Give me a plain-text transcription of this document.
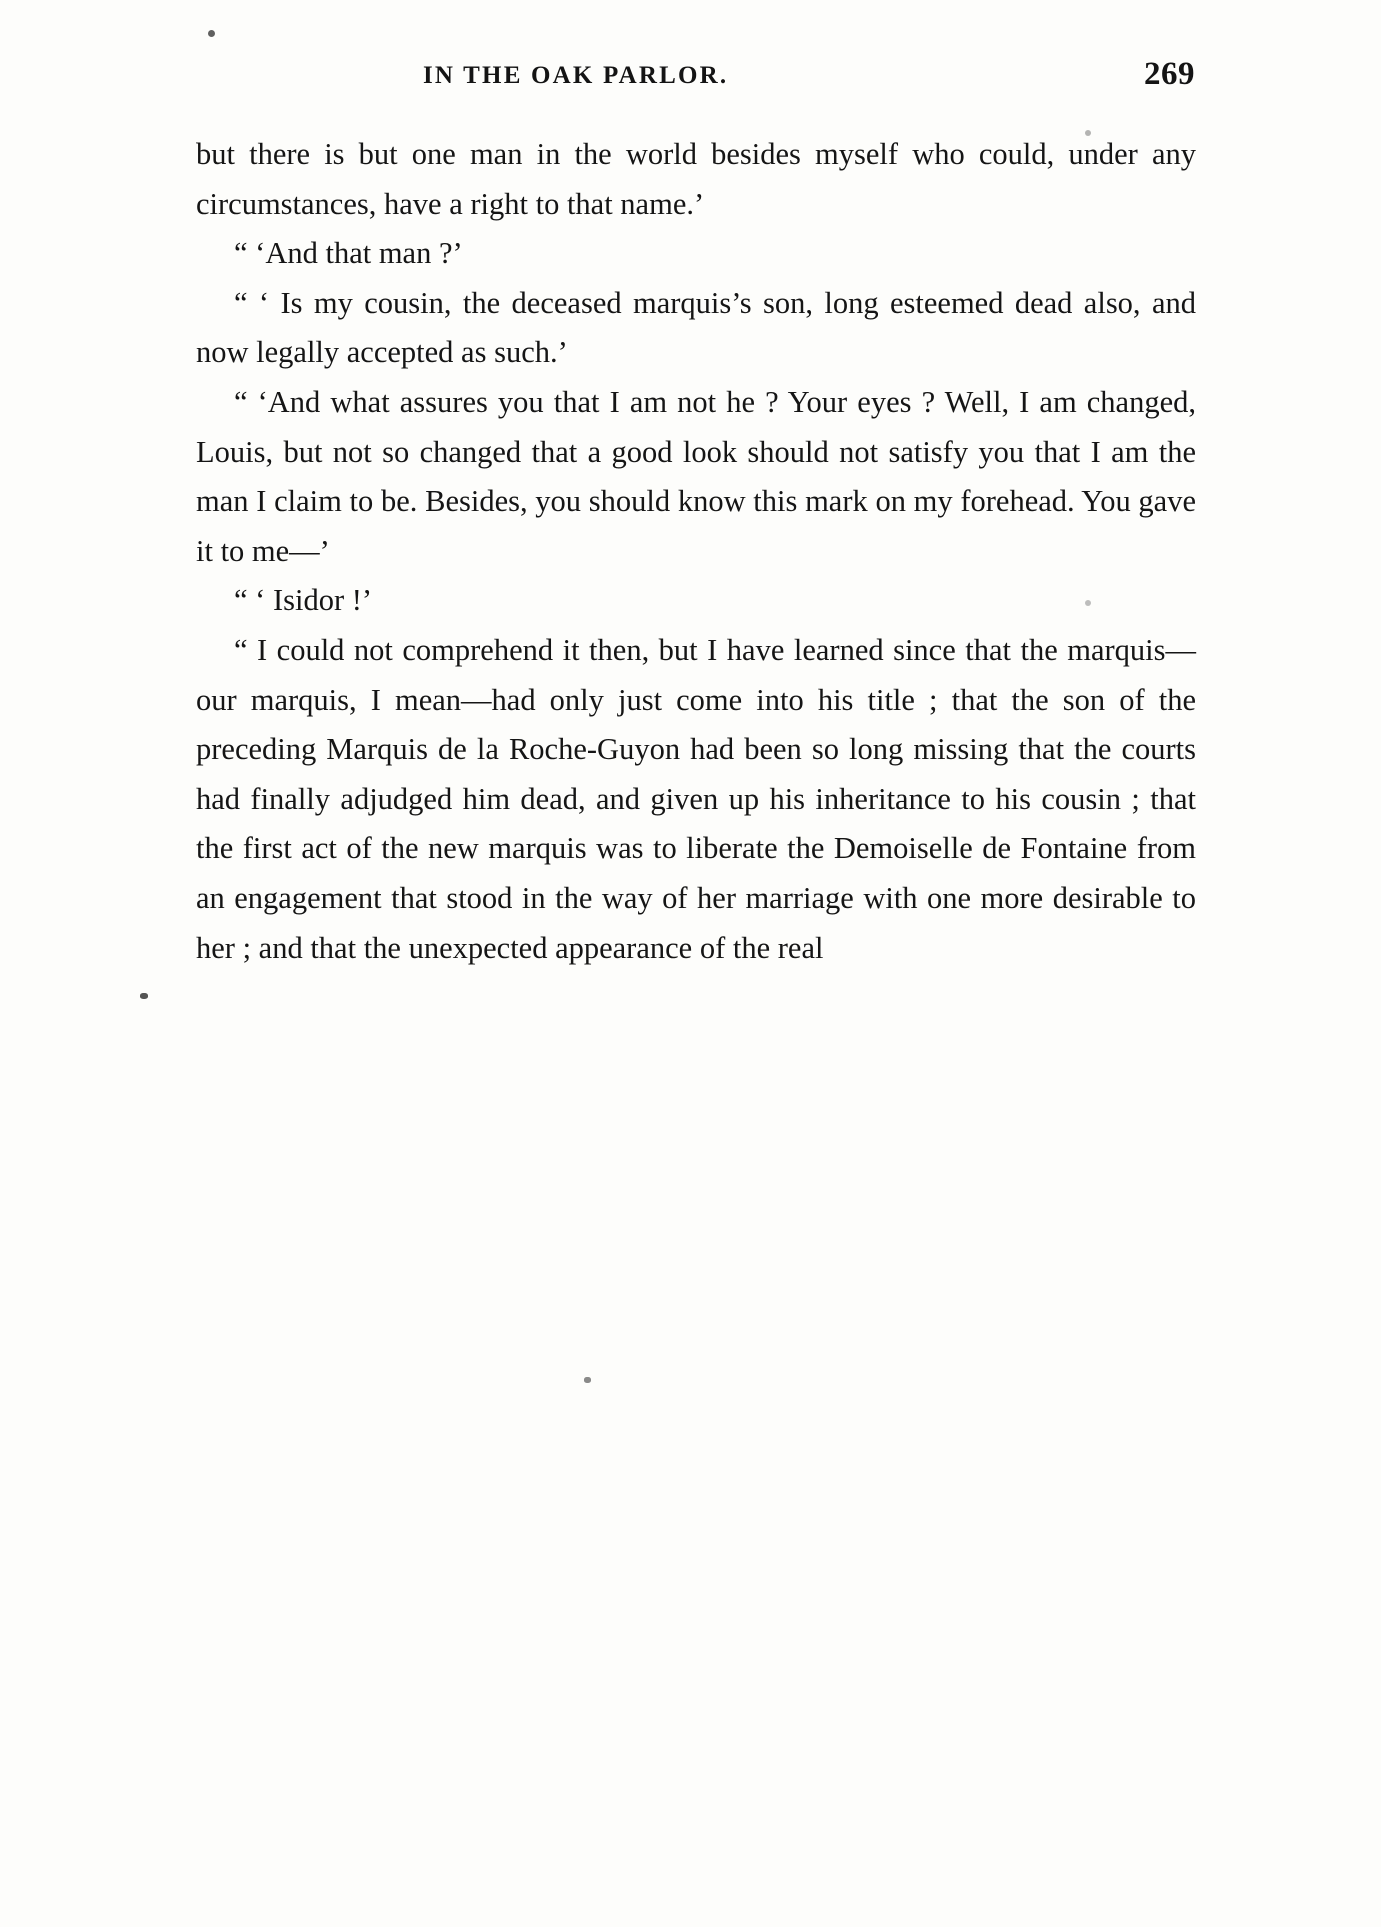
IN THE OAK PARLOR.	269

but there is but one man in the world besides myself who could, under any circumstances, have a right to that name.’

“ ‘And that man ?’

“ ‘ Is my cousin, the deceased marquis’s son, long esteemed dead also, and now legally accepted as such.’

“ ‘And what assures you that I am not he ? Your eyes ? Well, I am changed, Louis, but not so changed that a good look should not satisfy you that I am the man I claim to be. Besides, you should know this mark on my forehead. You gave it to me—’

“ ‘ Isidor !’

“ I could not comprehend it then, but I have learned since that the marquis—our marquis, I mean—had only just come into his title ; that the son of the preceding Marquis de la Roche-Guyon had been so long missing that the courts had finally adjudged him dead, and given up his inheritance to his cousin ; that the first act of the new marquis was to liberate the Demoiselle de Fontaine from an engagement that stood in the way of her marriage with one more desirable to her ; and that the unexpected appearance of the real
